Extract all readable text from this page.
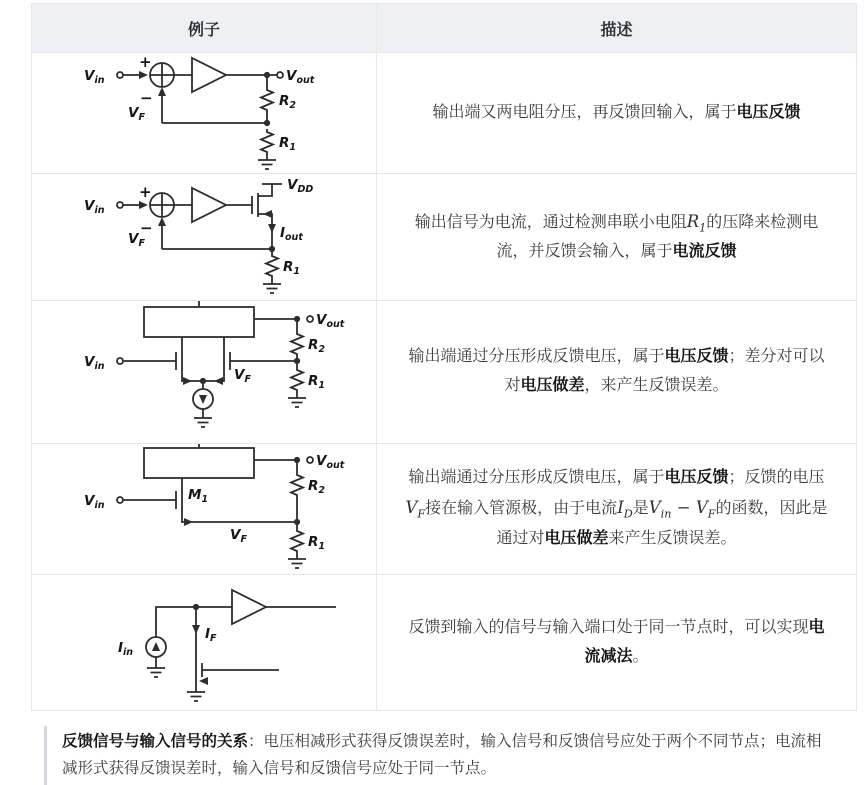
例子	描述

+
−
$V_{in}$	$V_{out}$
$R_2$
$R_1$
$V_F$	输出端又两电阻分压，再反馈回输入，属于电压反馈

+
−
$V_{in}$
$V_{DD}$
$I_{out}$
$R_1$
$V_F$
	输出信号为电流，通过检测串联小电阻$R_1$的压降来检测电流，并反馈会输入，属于电流反馈

$V_{in}$
$V_{out}$
$R_2$
$R_1$
$V_F$	输出端通过分压形成反馈电压，属于电压反馈；差分对可以对电压做差，来产生反馈误差。

$V_{in}$
$V_{out}$
$M_1$
$R_2$
$R_1$
$V_F$
	输出端通过分压形成反馈电压，属于电压反馈；反馈的电压$V_F$接在输入管源极，由于电流$I_D$是$V_{in} - V_F$的函数，因此是通过对电压做差来产生反馈误差。

$I_{in}$
$I_F$	反馈到输入的信号与输入端口处于同一节点时，可以实现电流减法。
反馈信号与输入信号的关系：电压相减形式获得反馈误差时，输入信号和反馈信号应处于两个不同节点；电流相减形式获得反馈误差时，输入信号和反馈信号应处于同一节点。
